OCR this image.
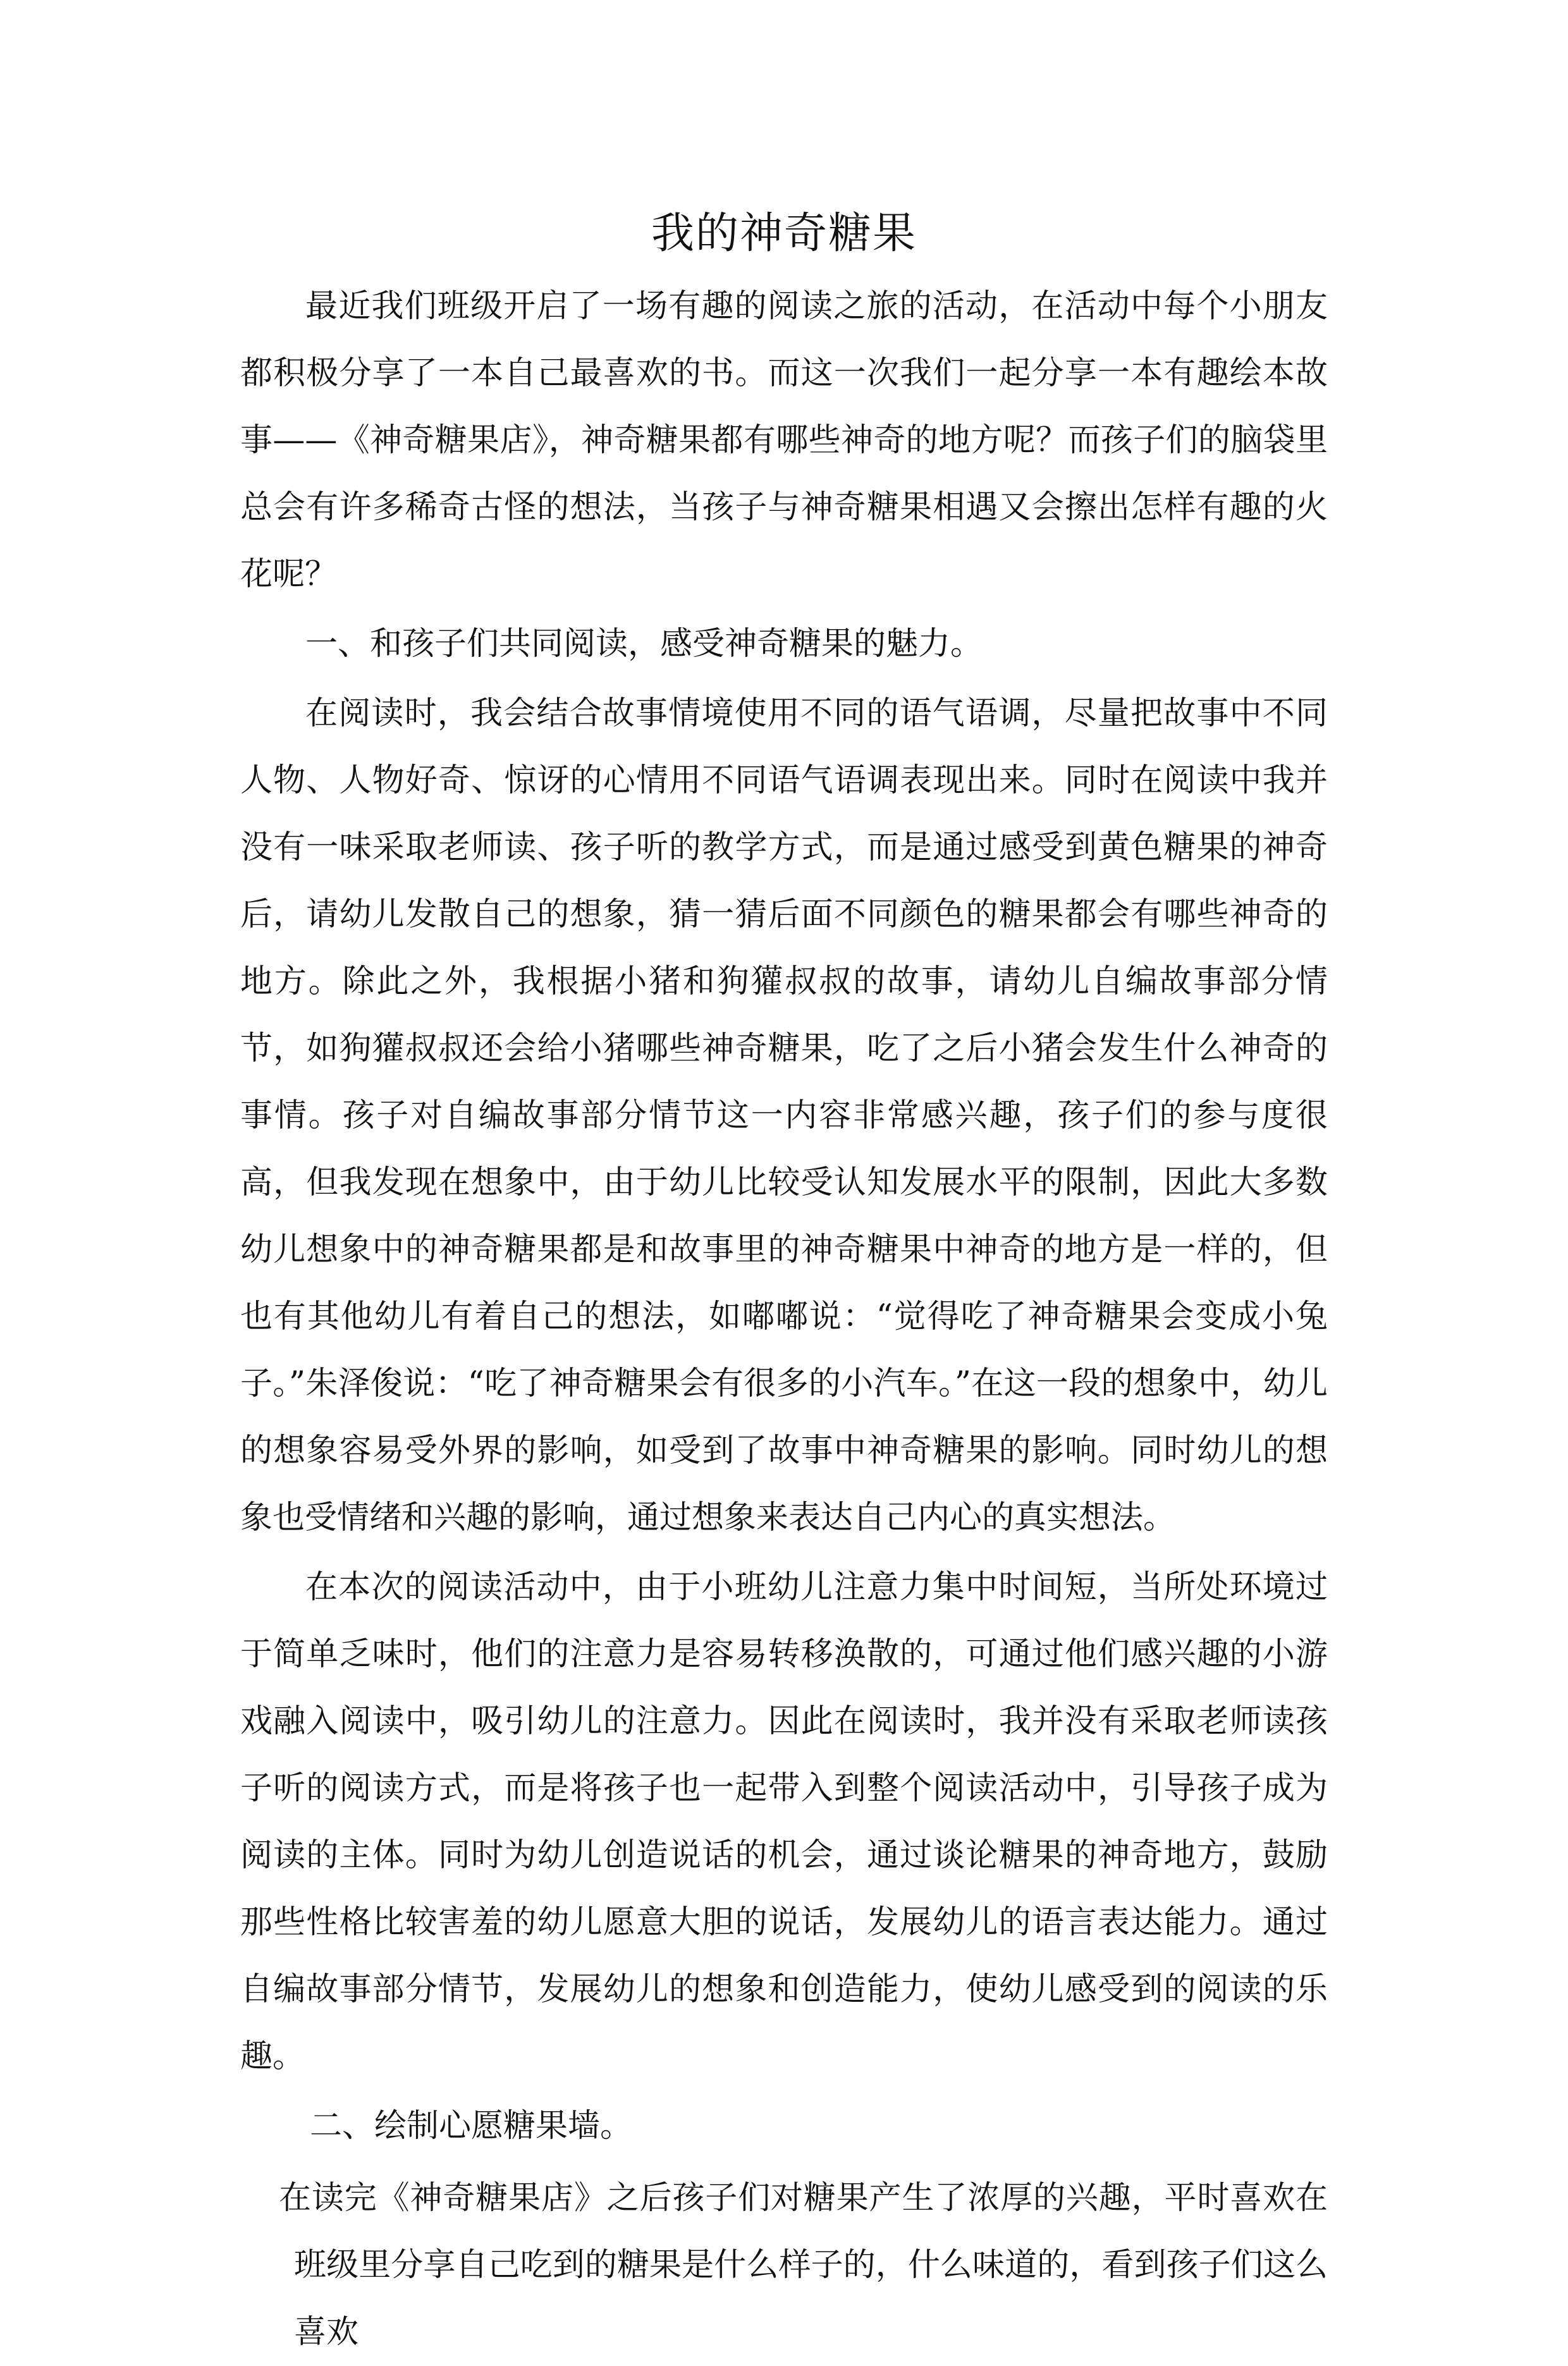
我的神奇糖果

最近我们班级开启了一场有趣的阅读之旅的活动，在活动中每个小朋友都积极分享了一本自己最喜欢的书。而这一次我们一起分享一本有趣绘本故事——《神奇糖果店》，神奇糖果都有哪些神奇的地方呢？而孩子们的脑袋里总会有许多稀奇古怪的想法，当孩子与神奇糖果相遇又会擦出怎样有趣的火花呢？

一、和孩子们共同阅读，感受神奇糖果的魅力。

在阅读时，我会结合故事情境使用不同的语气语调，尽量把故事中不同人物、人物好奇、惊讶的心情用不同语气语调表现出来。同时在阅读中我并没有一味采取老师读、孩子听的教学方式，而是通过感受到黄色糖果的神奇后，请幼儿发散自己的想象，猜一猜后面不同颜色的糖果都会有哪些神奇的地方。除此之外，我根据小猪和狗獾叔叔的故事，请幼儿自编故事部分情节，如狗獾叔叔还会给小猪哪些神奇糖果，吃了之后小猪会发生什么神奇的事情。孩子对自编故事部分情节这一内容非常感兴趣，孩子们的参与度很高，但我发现在想象中，由于幼儿比较受认知发展水平的限制，因此大多数幼儿想象中的神奇糖果都是和故事里的神奇糖果中神奇的地方是一样的，但也有其他幼儿有着自己的想法，如嘟嘟说：“觉得吃了神奇糖果会变成小兔子。”朱泽俊说：“吃了神奇糖果会有很多的小汽车。”在这一段的想象中，幼儿的想象容易受外界的影响，如受到了故事中神奇糖果的影响。同时幼儿的想象也受情绪和兴趣的影响，通过想象来表达自己内心的真实想法。

在本次的阅读活动中，由于小班幼儿注意力集中时间短，当所处环境过于简单乏味时，他们的注意力是容易转移涣散的，可通过他们感兴趣的小游戏融入阅读中，吸引幼儿的注意力。因此在阅读时，我并没有采取老师读孩子听的阅读方式，而是将孩子也一起带入到整个阅读活动中，引导孩子成为阅读的主体。同时为幼儿创造说话的机会，通过谈论糖果的神奇地方，鼓励那些性格比较害羞的幼儿愿意大胆的说话，发展幼儿的语言表达能力。通过自编故事部分情节，发展幼儿的想象和创造能力，使幼儿感受到的阅读的乐趣。

二、绘制心愿糖果墙。

在读完《神奇糖果店》之后孩子们对糖果产生了浓厚的兴趣，平时喜欢在班级里分享自己吃到的糖果是什么样子的，什么味道的，看到孩子们这么喜欢
